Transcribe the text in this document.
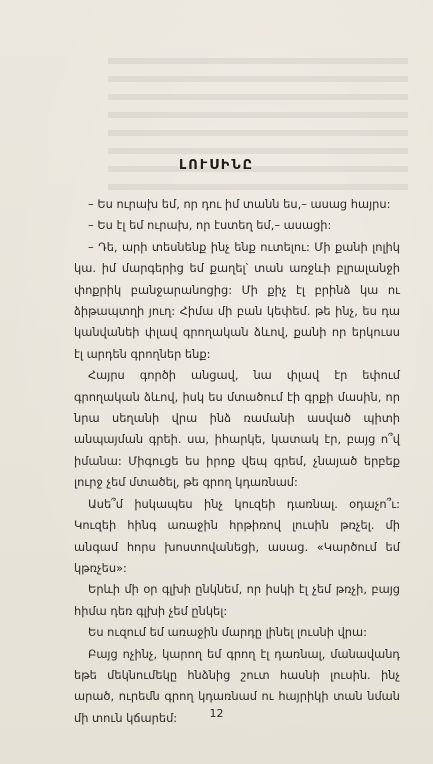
ԼՈՒՍԻՆԸ

– Ես ուրախ եմ, որ դու իմ տանն ես,– ասաց հայրս:

– Ես էլ եմ ուրախ, որ էստեղ եմ,– ասացի:

– Դե, արի տեսնենք ինչ ենք ուտելու: Մի քանի լոլիկ կա. իմ մարգերից եմ քաղել՝ տան առջևի բլրալանջի փոքրիկ բանջարանոցից: Մի քիչ էլ բրինձ կա ու ձիթապտղի յուղ: Հիմա մի բան կեփեմ. թե ինչ, ես դա կանվանեի փլավ գրողական ձևով, քանի որ երկուսս էլ արդեն գրողներ ենք:

Հայրս գործի անցավ, նա փլավ էր եփում գրողական ձևով, իսկ ես մտածում էի գրքի մասին, որ նրա սեղանի վրա ինձ ռամանի ասված պիտի անպայման գրեի. սա, իհարկե, կատակ էր, բայց ո՞վ իմանա: Միգուցե ես իրոք վեպ գրեմ, չնայած երբեք լուրջ չեմ մտածել, թե գրող կդառնամ:

Ասե՞մ իսկապես ինչ կուզեի դառնալ. օդաչո՞ւ: Կուզեի հինգ առաջին հրթիռով լուսին թռչել. մի անգամ հորս խոստովանեցի, ասաց. «Կարծում եմ կթռչես»:

Երևի մի օր գլխի ընկնեմ, որ իսկի էլ չեմ թռչի, բայց հիմա դեռ գլխի չեմ ընկել:

Ես ուզում եմ առաջին մարդը լինել լուսնի վրա:

Բայց ոչինչ, կարող եմ գրող էլ դառնալ, մանավանդ եթե մեկնումեկը հնձնից շուտ հասնի լուսին. ինչ արած, ուրեմն գրող կդառնամ ու հայրիկի տան նման մի տուն կճարեմ:	12
